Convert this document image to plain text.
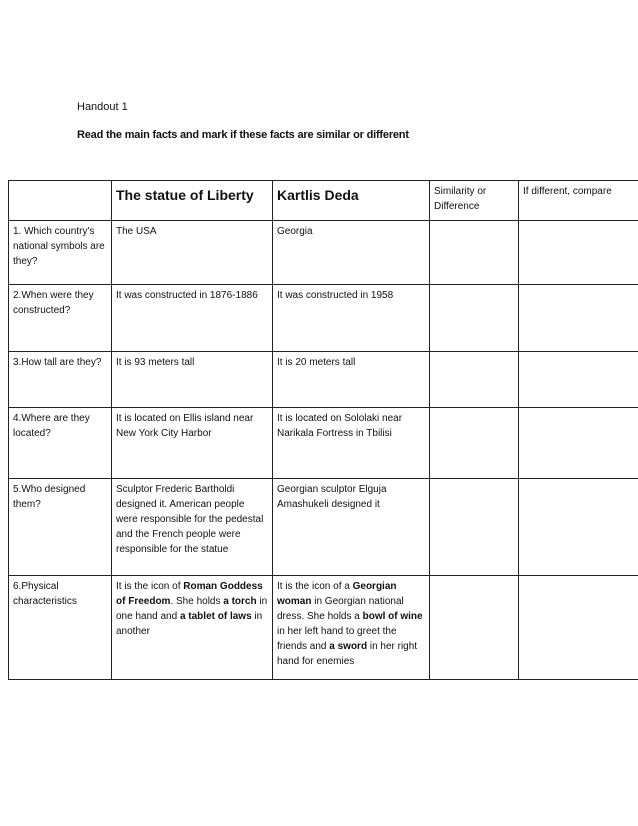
Handout 1
Read the main facts and mark if these facts are similar or different
	The statue of Liberty	Kartlis Deda	Similarity or Difference	If different, compare
1. Which country's national symbols are they?	The USA	Georgia		
2.When were they constructed?	It was constructed in 1876-1886	It was constructed in 1958		
3.How tall are they?	It is 93 meters tall	It is 20 meters tall		
4.Where are they located?	It is located on Ellis island near New York City Harbor	It is located on Sololaki near Narikala Fortress in Tbilisi		
5.Who designed them?	Sculptor Frederic Bartholdi designed it. American people were responsible for the pedestal and the French people were responsible for the statue	Georgian sculptor Elguja Amashukeli designed it		
6.Physical characteristics	It is the icon of Roman Goddess of Freedom. She holds a torch in one hand and a tablet of laws in another	It is the icon of a Georgian woman in Georgian national dress. She holds a bowl of wine in her left hand to greet the friends and a sword in her right hand for enemies		
